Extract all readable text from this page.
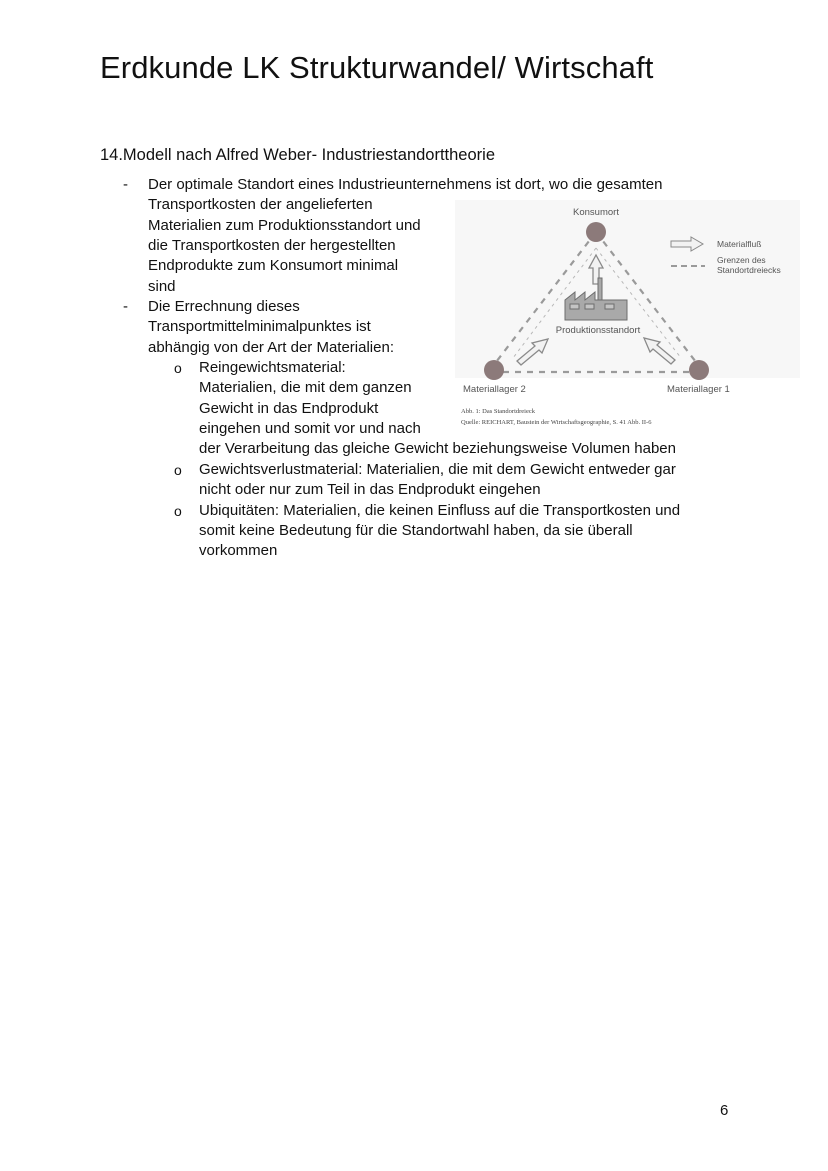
Erdkunde LK Strukturwandel/ Wirtschaft
14.Modell nach Alfred Weber- Industriestandorttheorie
- Der optimale Standort eines Industrieunternehmens ist dort, wo die gesamten
Transportkosten der angelieferten
Materialien zum Produktionsstandort und
die Transportkosten der hergestellten
Endprodukte zum Konsumort minimal
sind
- Die Errechnung dieses
Transportmittelminimalpunktes ist
abhängig von der Art der Materialien:
o Reingewichtsmaterial:
Materialien, die mit dem ganzen
Gewicht in das Endprodukt
eingehen und somit vor und nach
der Verarbeitung das gleiche Gewicht beziehungsweise Volumen haben
o Gewichtsverlustmaterial: Materialien, die mit dem Gewicht entweder gar
nicht oder nur zum Teil in das Endprodukt eingehen
o Ubiquitäten: Materialien, die keinen Einfluss auf die Transportkosten und
somit keine Bedeutung für die Standortwahl haben, da sie überall
vorkommen
Konsumort
Produktionsstandort
Materiallager 2	Materiallager 1
Materialfluß
Grenzen des
Standortdreiecks
Abb. 1: Das Standortdreieck
Quelle: REICHART, Baustein der Wirtschaftsgeographie, S. 41 Abb. II-6
6
